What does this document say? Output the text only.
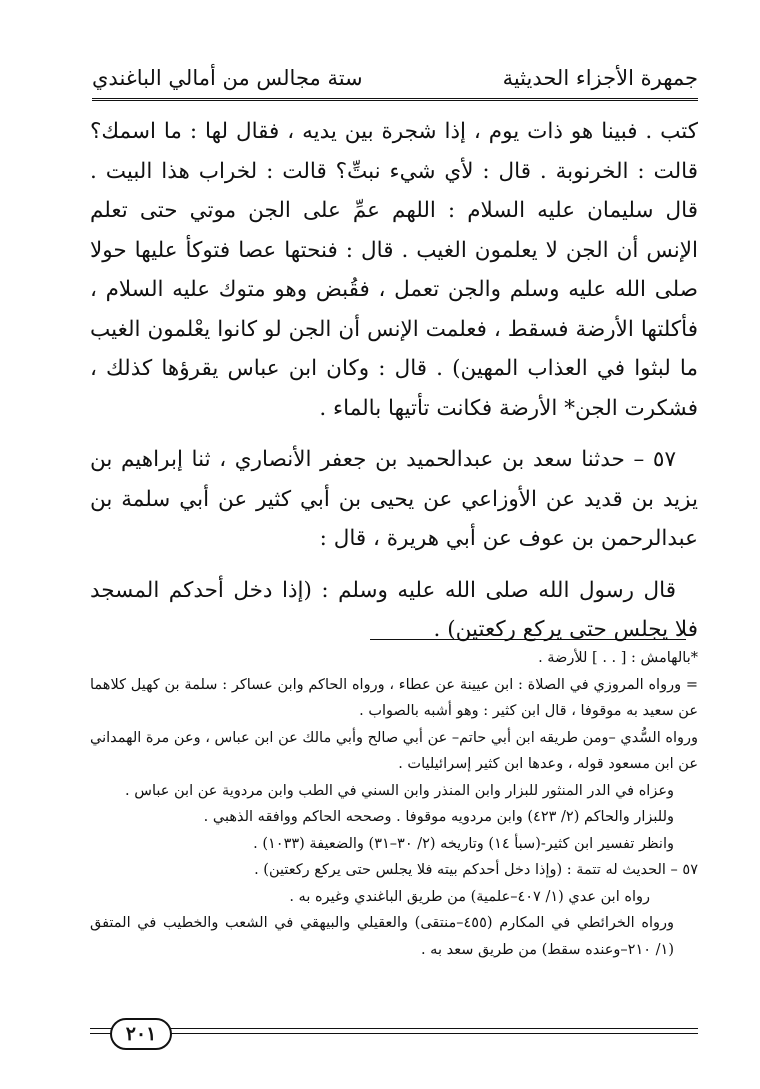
جمهرة الأجزاء الحديثية
ستة مجالس من أمالي الباغندي

كتب . فبينا هو ذات يوم ، إذا شجرة بين يديه ، فقال لها : ما اسمك؟ قالت : الخرنوبة . قال : لأي شيء نبتِّ؟ قالت : لخراب هذا البيت . قال سليمان عليه السلام : اللهم عمِّ على الجن موتي حتى تعلم الإنس أن الجن لا يعلمون الغيب . قال : فنحتها عصا فتوكأ عليها حولا صلى الله عليه وسلم والجن تعمل ، فقُبض وهو متوك عليه السلام ، فأكلتها الأرضة فسقط ، فعلمت الإنس أن الجن لو كانوا يعْلمون الغيب ما لبثوا في العذاب المهين) . قال : وكان ابن عباس يقرؤها كذلك ، فشكرت الجن* الأرضة فكانت تأتيها بالماء .

٥٧ – حدثنا سعد بن عبدالحميد بن جعفر الأنصاري ، ثنا إبراهيم بن يزيد بن قديد عن الأوزاعي عن يحيى بن أبي كثير عن أبي سلمة بن عبدالرحمن بن عوف عن أبي هريرة ، قال :

قال رسول الله صلى الله عليه وسلم : (إذا دخل أحدكم المسجد فلا يجلس حتى يركع ركعتين) .

*بالهامش : [ . . ] للأرضة .

= ورواه المروزي في الصلاة : ابن عيينة عن عطاء ، ورواه الحاكم وابن عساكر : سلمة بن كهيل كلاهما عن سعيد به موقوفا ، قال ابن كثير : وهو أشبه بالصواب .

ورواه السُّدي –ومن طريقه ابن أبي حاتم– عن أبي صالح وأبي مالك عن ابن عباس ، وعن مرة الهمداني عن ابن مسعود قوله ، وعدها ابن كثير إسرائيليات .

وعزاه في الدر المنثور للبزار وابن المنذر وابن السني في الطب وابن مردوية عن ابن عباس .

وللبزار والحاكم (٢/ ٤٢٣) وابن مردويه موقوفا . وصححه الحاكم ووافقه الذهبي .

وانظر تفسير ابن كثير-(سبأ ١٤) وتاريخه (٢/ ٣٠–٣١) والضعيفة (١٠٣٣) .

٥٧ – الحديث له تتمة : (وإذا دخل أحدكم بيته فلا يجلس حتى يركع ركعتين) .

رواه ابن عدي (١/ ٤٠٧–علمية) من طريق الباغندي وغيره به .

ورواه الخرائطي في المكارم (٤٥٥–منتقى) والعقيلي والبيهقي في الشعب والخطيب في المتفق (١/ ٢١٠–وعنده سقط) من طريق سعد به .

٢٠١
